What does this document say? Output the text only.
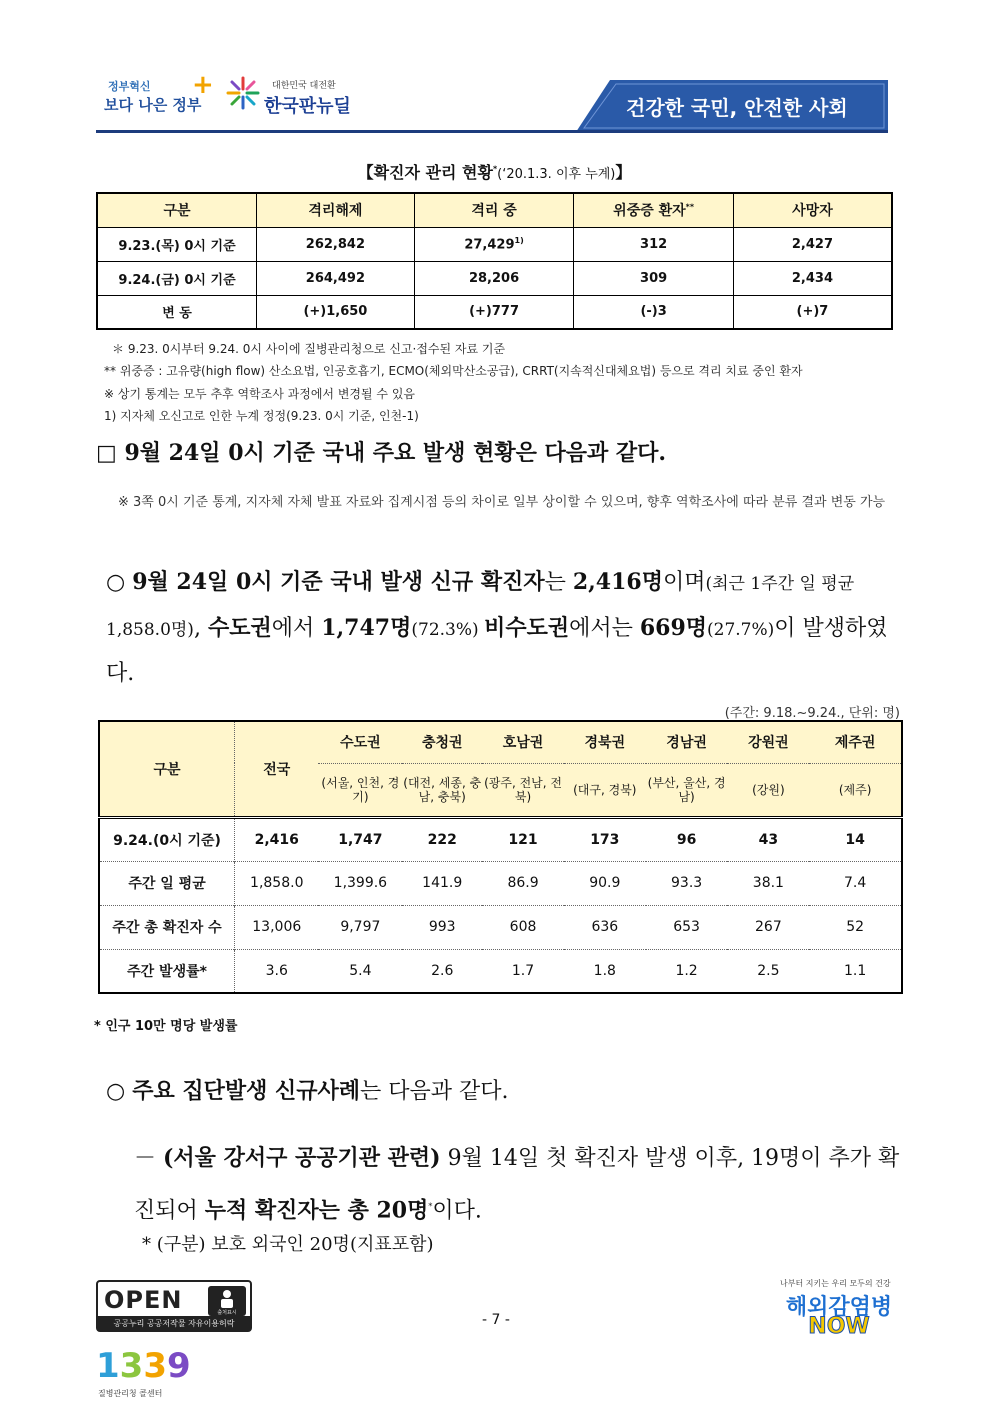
정부혁신
보다 나은 정부
+	대한민국 대전환
한국판뉴딜	건강한 국민, 안전한 사회
【확진자 관리 현황*(‘20.1.3. 이후 누계)】
구분	격리해제	격리 중	위중증 환자**	사망자
9.23.(목) 0시 기준	262,842	27,429$^{1)}$	312	2,427
9.24.(금) 0시 기준	264,492	28,206	309	2,434
변 동	(+)1,650	(+)777	(-)3	(+)7
＊ 9.23. 0시부터 9.24. 0시 사이에 질병관리청으로 신고·접수된 자료 기준
** 위중증 : 고유량(high flow) 산소요법, 인공호흡기, ECMO(체외막산소공급), CRRT(지속적신대체요법) 등으로 격리 치료 중인 환자
※ 상기 통계는 모두 추후 역학조사 과정에서 변경될 수 있음
1) 지자체 오신고로 인한 누계 정정(9.23. 0시 기준, 인천-1)
□ 9월 24일 0시 기준 국내 주요 발생 현황은 다음과 같다.
※ 3쪽 0시 기준 통계, 지자체 자체 발표 자료와 집계시점 등의 차이로 일부 상이할 수 있으며, 향후 역학조사에 따라 분류 결과 변동 가능
○ 9월 24일 0시 기준 국내 발생 신규 확진자는 2,416명이며(최근 1주간 일 평균 1,858.0명), 수도권에서 1,747명(72.3%) 비수도권에서는 669명(27.7%)이 발생하였다.
(주간: 9.18.~9.24., 단위: 명)
구분	전국	수도권	충청권	호남권	경북권	경남권	강원권	제주권
		(서울, 인천, 경기)	(대전, 세종, 충남, 충북)	(광주, 전남, 전북)	(대구, 경북)	(부산, 울산, 경남)	(강원)	(제주)
9.24.(0시 기준)	2,416	1,747	222	121	173	96	43	14
주간 일 평균	1,858.0	1,399.6	141.9	86.9	90.9	93.3	38.1	7.4
주간 총 확진자 수	13,006	9,797	993	608	636	653	267	52
주간 발생률*	3.6	5.4	2.6	1.7	1.8	1.2	2.5	1.1
* 인구 10만 명당 발생률
○ 주요 집단발생 신규사례는 다음과 같다.
－ (서울 강서구 공공기관 관련) 9월 14일 첫 확진자 발생 이후, 19명이 추가 확진되어 누적 확진자는 총 20명*이다.
* (구분) 보호 외국인 20명(지표포함)
OPEN	출처표시
공공누리 공공저작물 자유이용허락	- 7 -
나부터 지키는 우리 모두의 건강
해외감염병
NOW
1339
질병관리청 콜센터
